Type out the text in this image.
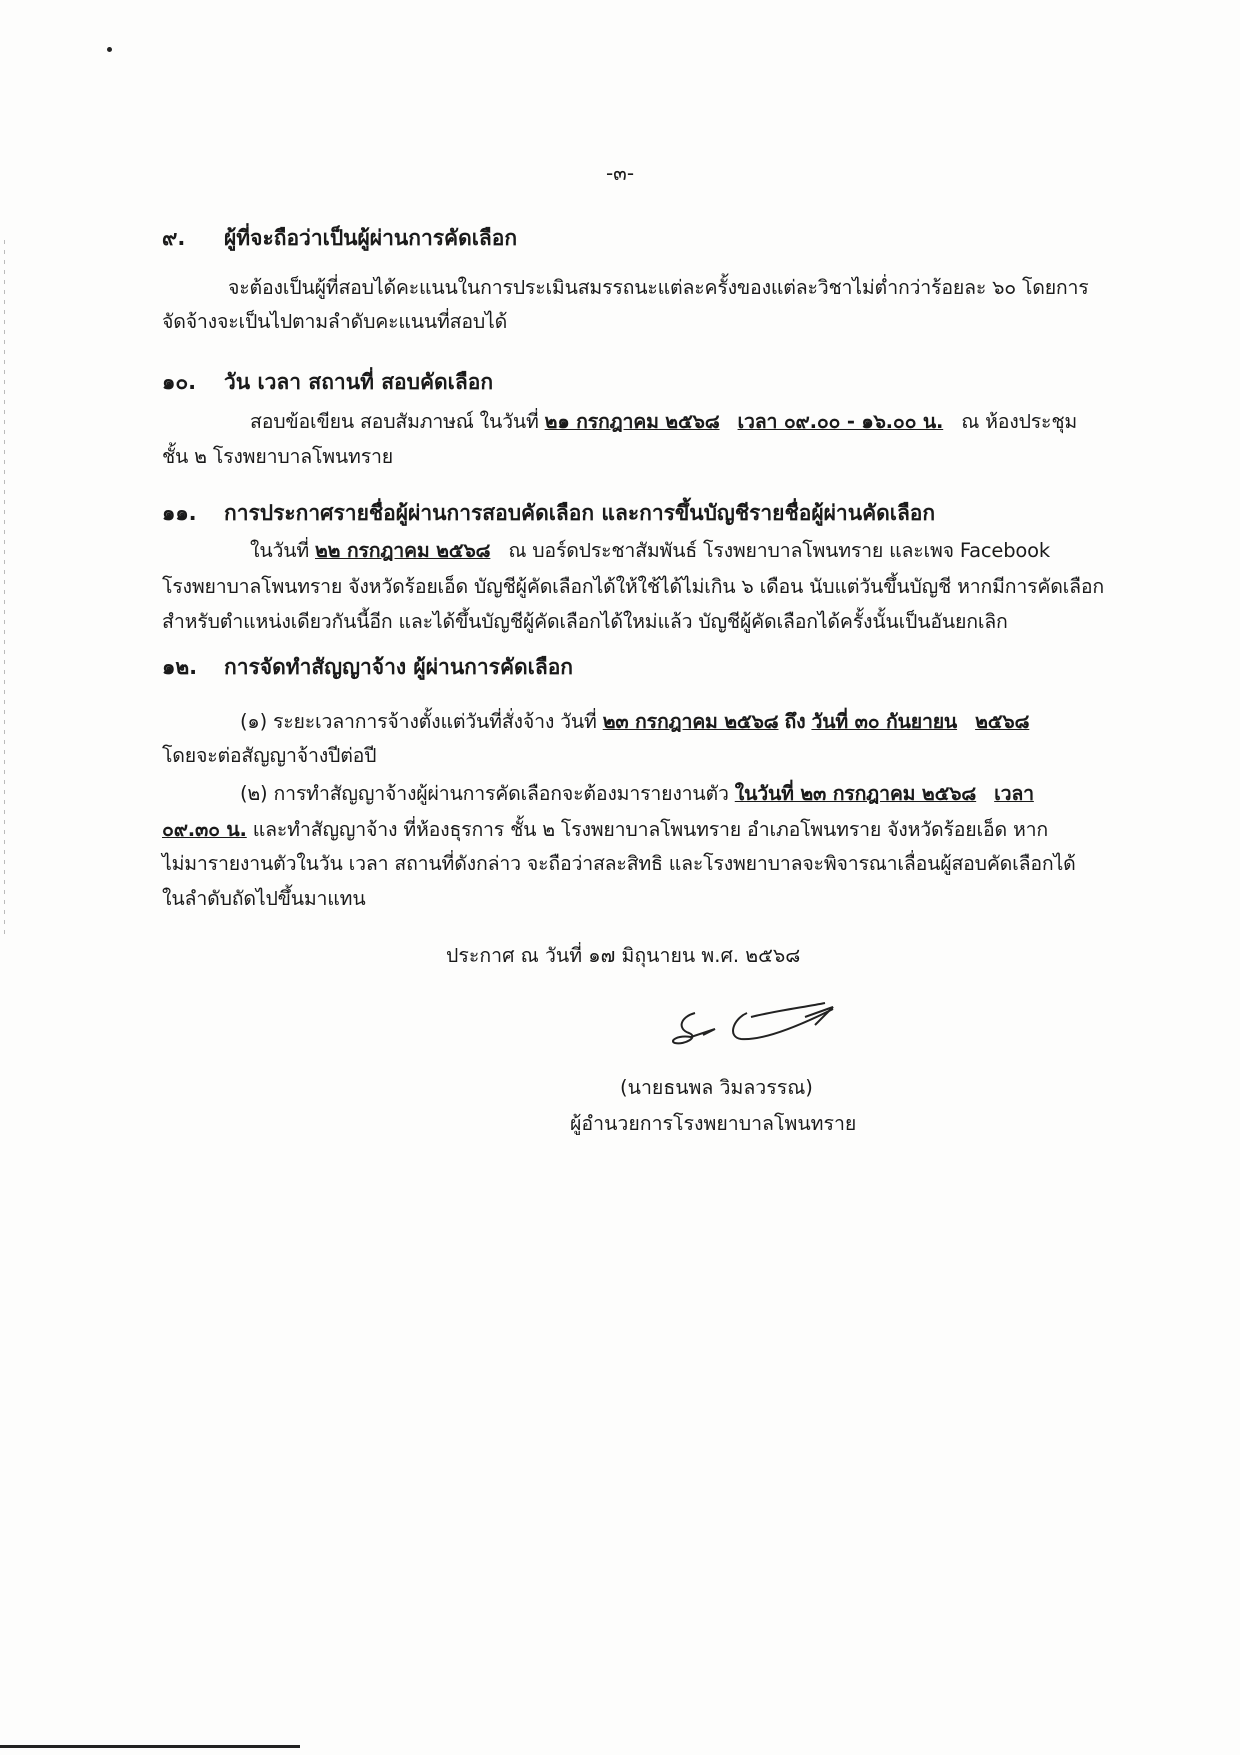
-๓-
๙. ผู้ที่จะถือว่าเป็นผู้ผ่านการคัดเลือก
จะต้องเป็นผู้ที่สอบได้คะแนนในการประเมินสมรรถนะแต่ละครั้งของแต่ละวิชาไม่ต่ำกว่าร้อยละ ๖๐ โดยการ
จัดจ้างจะเป็นไปตามลำดับคะแนนที่สอบได้
๑๐. วัน เวลา สถานที่ สอบคัดเลือก
สอบข้อเขียน สอบสัมภาษณ์ ในวันที่ ๒๑ กรกฎาคม ๒๕๖๘ เวลา ๐๙.๐๐ - ๑๖.๐๐ น. ณ ห้องประชุม
ชั้น ๒ โรงพยาบาลโพนทราย
๑๑. การประกาศรายชื่อผู้ผ่านการสอบคัดเลือก และการขึ้นบัญชีรายชื่อผู้ผ่านคัดเลือก
ในวันที่ ๒๒ กรกฎาคม ๒๕๖๘ ณ บอร์ดประชาสัมพันธ์ โรงพยาบาลโพนทราย และเพจ Facebook
โรงพยาบาลโพนทราย จังหวัดร้อยเอ็ด บัญชีผู้คัดเลือกได้ให้ใช้ได้ไม่เกิน ๖ เดือน นับแต่วันขึ้นบัญชี หากมีการคัดเลือก
สำหรับตำแหน่งเดียวกันนี้อีก และได้ขึ้นบัญชีผู้คัดเลือกได้ใหม่แล้ว บัญชีผู้คัดเลือกได้ครั้งนั้นเป็นอันยกเลิก
๑๒. การจัดทำสัญญาจ้าง ผู้ผ่านการคัดเลือก
(๑) ระยะเวลาการจ้างตั้งแต่วันที่สั่งจ้าง วันที่ ๒๓ กรกฎาคม ๒๕๖๘ ถึง วันที่ ๓๐ กันยายน ๒๕๖๘
โดยจะต่อสัญญาจ้างปีต่อปี
(๒) การทำสัญญาจ้างผู้ผ่านการคัดเลือกจะต้องมารายงานตัว ในวันที่ ๒๓ กรกฎาคม ๒๕๖๘ เวลา
๐๙.๓๐ น. และทำสัญญาจ้าง ที่ห้องธุรการ ชั้น ๒ โรงพยาบาลโพนทราย อำเภอโพนทราย จังหวัดร้อยเอ็ด หาก
ไม่มารายงานตัวในวัน เวลา สถานที่ดังกล่าว จะถือว่าสละสิทธิ และโรงพยาบาลจะพิจารณาเลื่อนผู้สอบคัดเลือกได้
ในลำดับถัดไปขึ้นมาแทน
ประกาศ ณ วันที่ ๑๗ มิถุนายน พ.ศ. ๒๕๖๘
(นายธนพล วิมลวรรณ)
ผู้อำนวยการโรงพยาบาลโพนทราย
